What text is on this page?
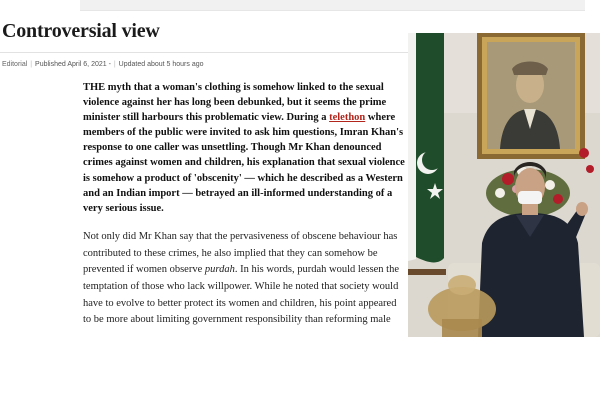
Controversial view
Editorial | Published April 6, 2021 - | Updated about 5 hours ago

THE myth that a woman's clothing is somehow linked to the sexual violence against her has long been debunked, but it seems the prime minister still harbours this problematic view. During a telethon where members of the public were invited to ask him questions, Imran Khan's response to one caller was unsettling. Though Mr Khan denounced crimes against women and children, his explanation that sexual violence is somehow a product of 'obscenity' — which he described as a Western and an Indian import — betrayed an ill-informed understanding of a very serious issue.

Not only did Mr Khan say that the pervasiveness of obscene behaviour has contributed to these crimes, he also implied that they can somehow be prevented if women observe purdah. In his words, purdah would lessen the temptation of those who lack willpower. While he noted that society would have to evolve to better protect its women and children, his point appeared to be more about limiting government responsibility than reforming male
